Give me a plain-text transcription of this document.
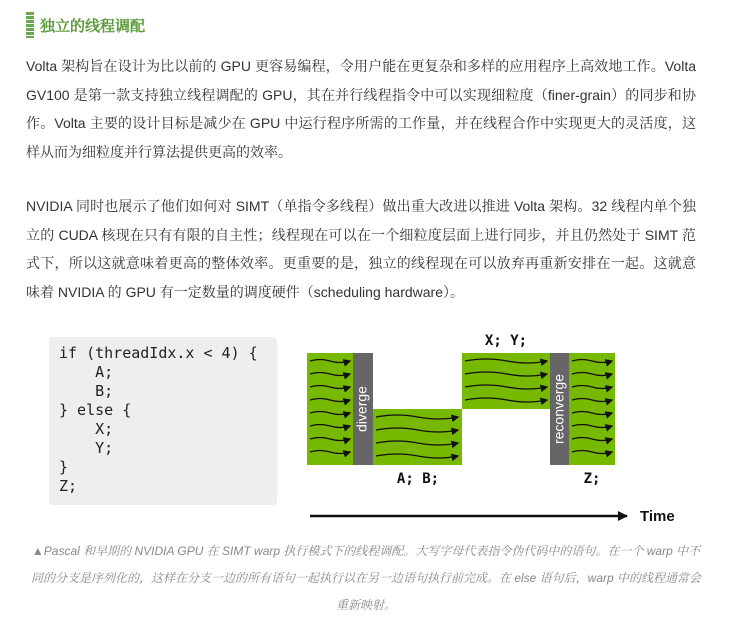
独立的线程调配

Volta 架构旨在设计为比以前的 GPU 更容易编程，令用户能在更复杂和多样的应用程序上高效地工作。Volta GV100 是第一款支持独立线程调配的 GPU，其在并行线程指令中可以实现细粒度（finer-grain）的同步和协作。Volta 主要的设计目标是减少在 GPU 中运行程序所需的工作量，并在线程合作中实现更大的灵活度，这样从而为细粒度并行算法提供更高的效率。

NVIDIA 同时也展示了他们如何对 SIMT（单指令多线程）做出重大改进以推进 Volta 架构。32 线程内单个独立的 CUDA 核现在只有有限的自主性；线程现在可以在一个细粒度层面上进行同步，并且仍然处于 SIMT 范式下，所以这就意味着更高的整体效率。更重要的是，独立的线程现在可以放弃再重新安排在一起。这就意味着 NVIDIA 的 GPU 有一定数量的调度硬件（scheduling hardware）。

if (threadIdx.x < 4) {
A;
B;
} else {
X;
Y;
}
Z;
diverge	reconverge
X; Y;
A; B;	Z;
Time

▲Pascal 和早期的 NVIDIA GPU 在 SIMT warp 执行模式下的线程调配。大写字母代表指令伪代码中的语句。在一个 warp 中不同的分支是序列化的，这样在分支一边的所有语句一起执行以在另一边语句执行前完成。在 else 语句后，warp 中的线程通常会重新映射。
